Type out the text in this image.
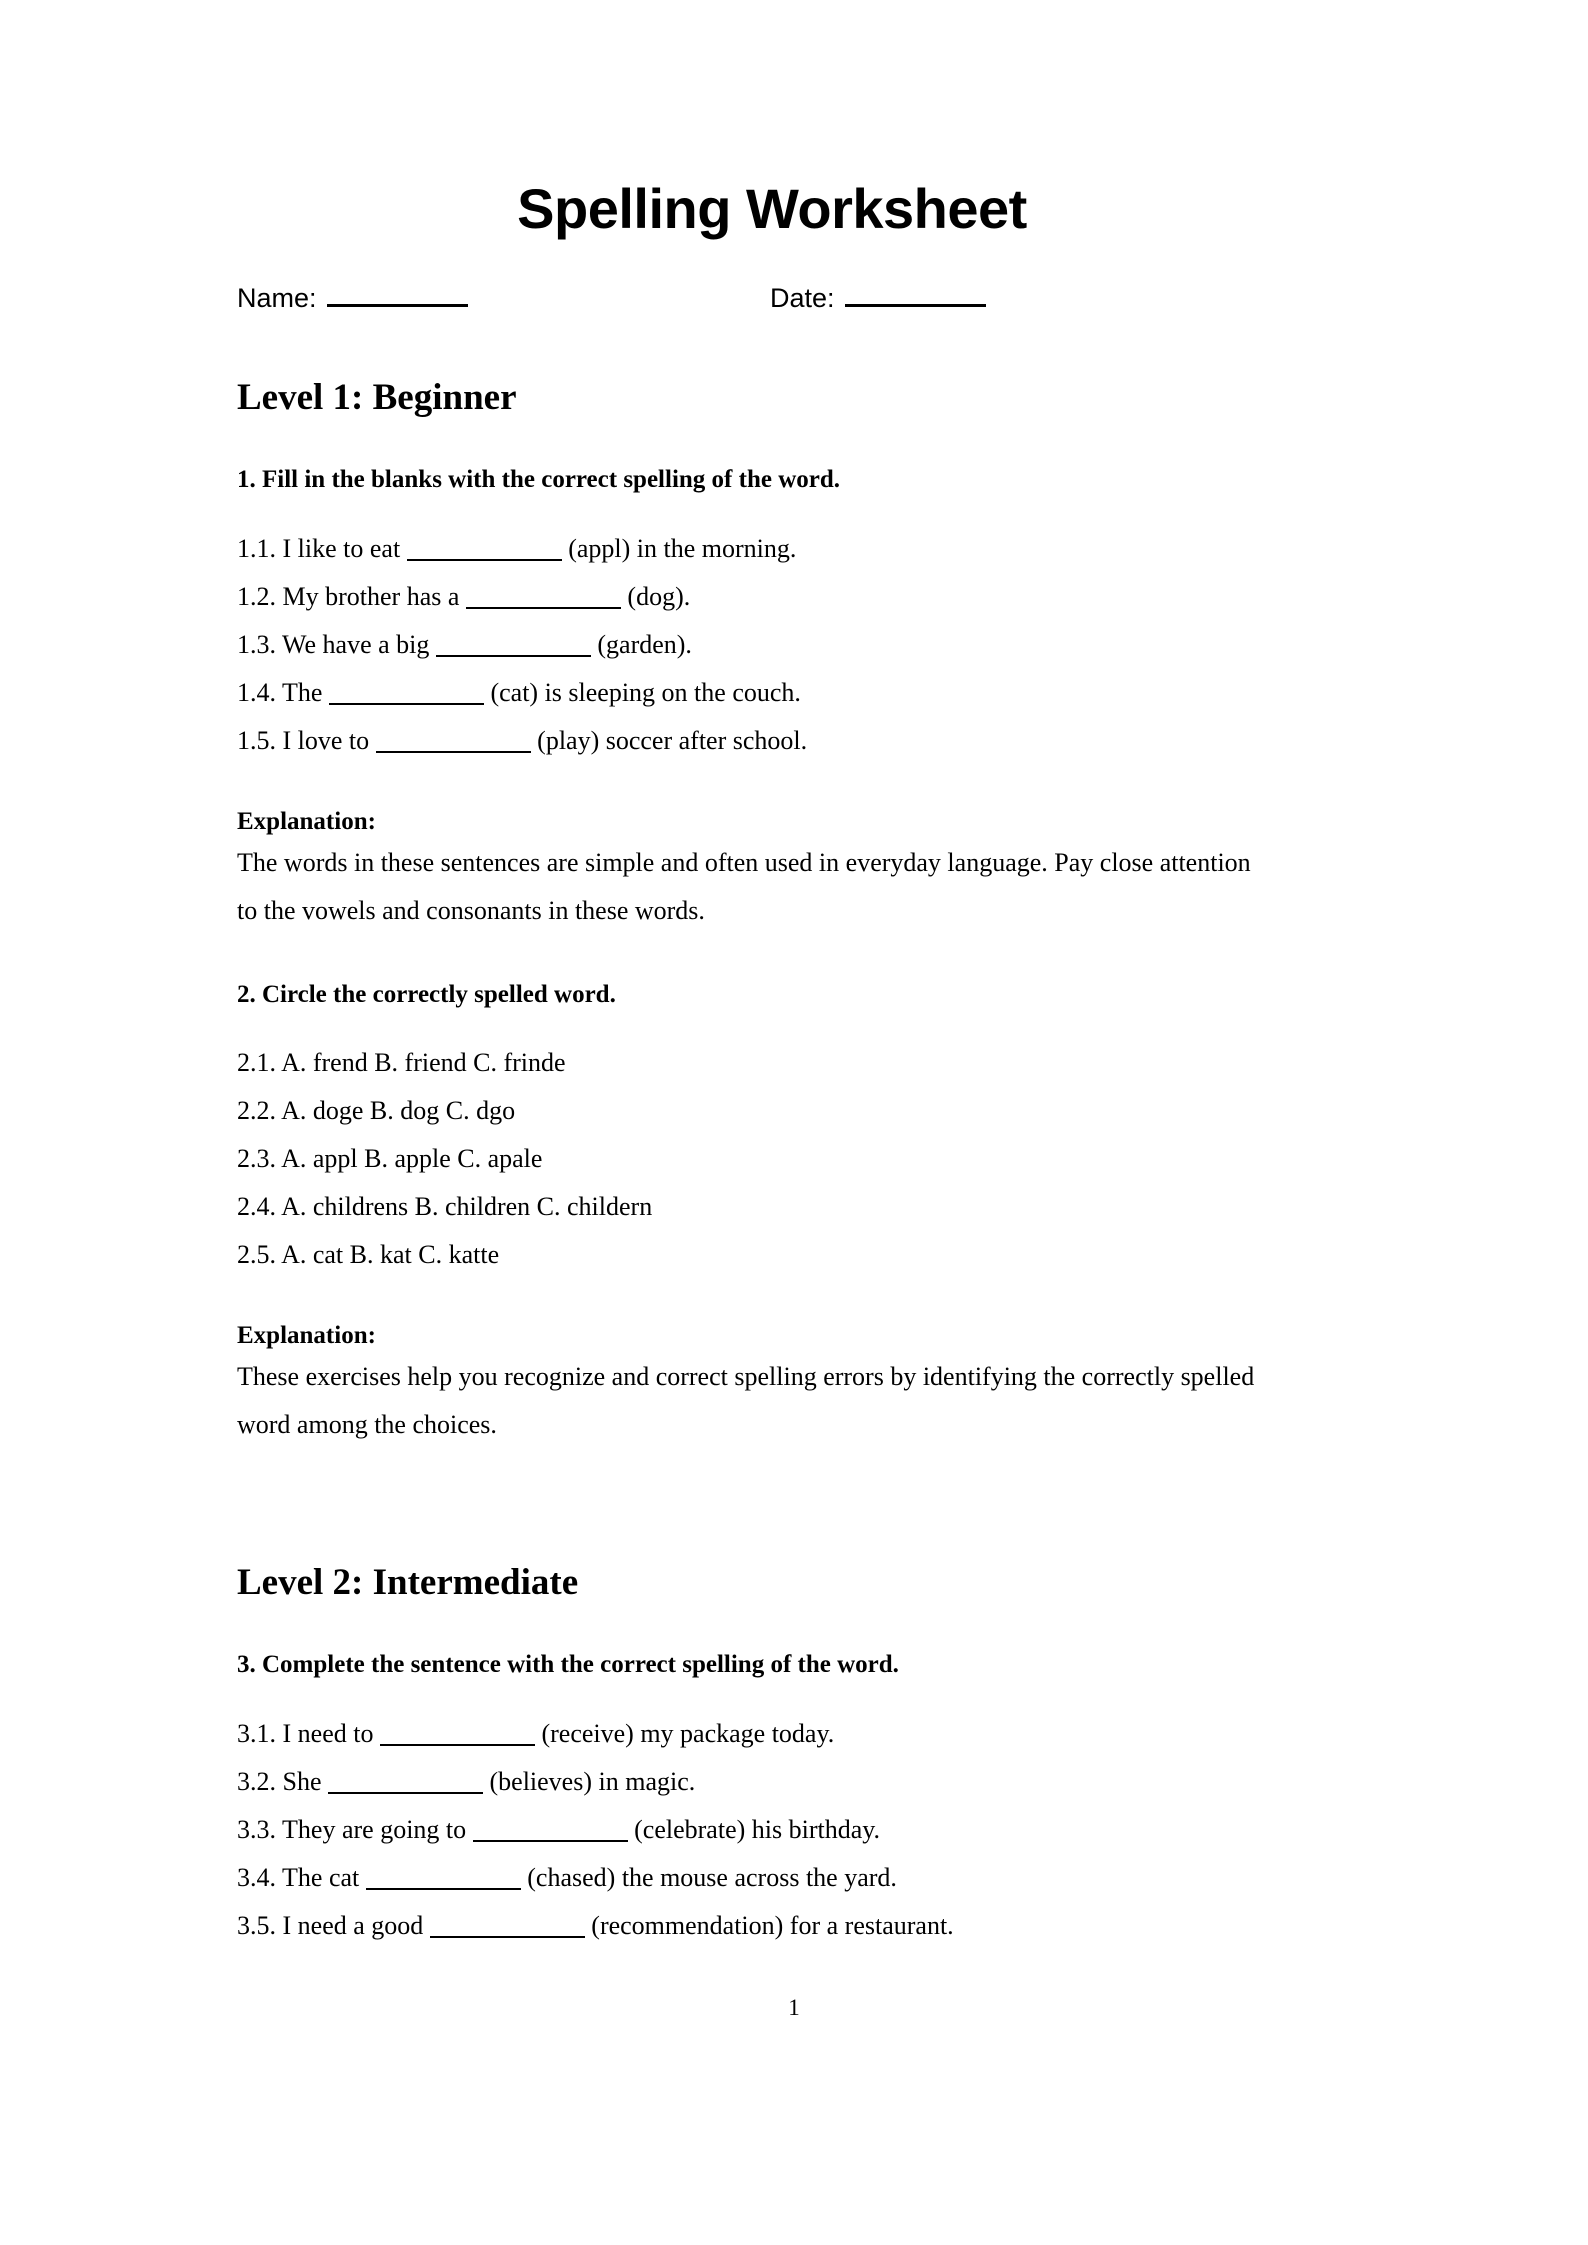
Spelling Worksheet
Name:	Date:
Level 1: Beginner

1. Fill in the blanks with the correct spelling of the word.

1.1. I like to eat	(appl) in the morning.
1.2. My brother has a	(dog).
1.3. We have a big	(garden).
1.4. The	(cat) is sleeping on the couch.
1.5. I love to	(play) soccer after school.

Explanation:

The words in these sentences are simple and often used in everyday language. Pay close attention to the vowels and consonants in these words.

2. Circle the correctly spelled word.

2.1. A. frend B. friend C. frinde
2.2. A. doge B. dog C. dgo
2.3. A. appl B. apple C. apale
2.4. A. childrens B. children C. childern
2.5. A. cat B. kat C. katte

Explanation:

These exercises help you recognize and correct spelling errors by identifying the correctly spelled word among the choices.

Level 2: Intermediate

3. Complete the sentence with the correct spelling of the word.

3.1. I need to	(receive) my package today.
3.2. She	(believes) in magic.
3.3. They are going to	(celebrate) his birthday.
3.4. The cat	(chased) the mouse across the yard.
3.5. I need a good	(recommendation) for a restaurant.
1
